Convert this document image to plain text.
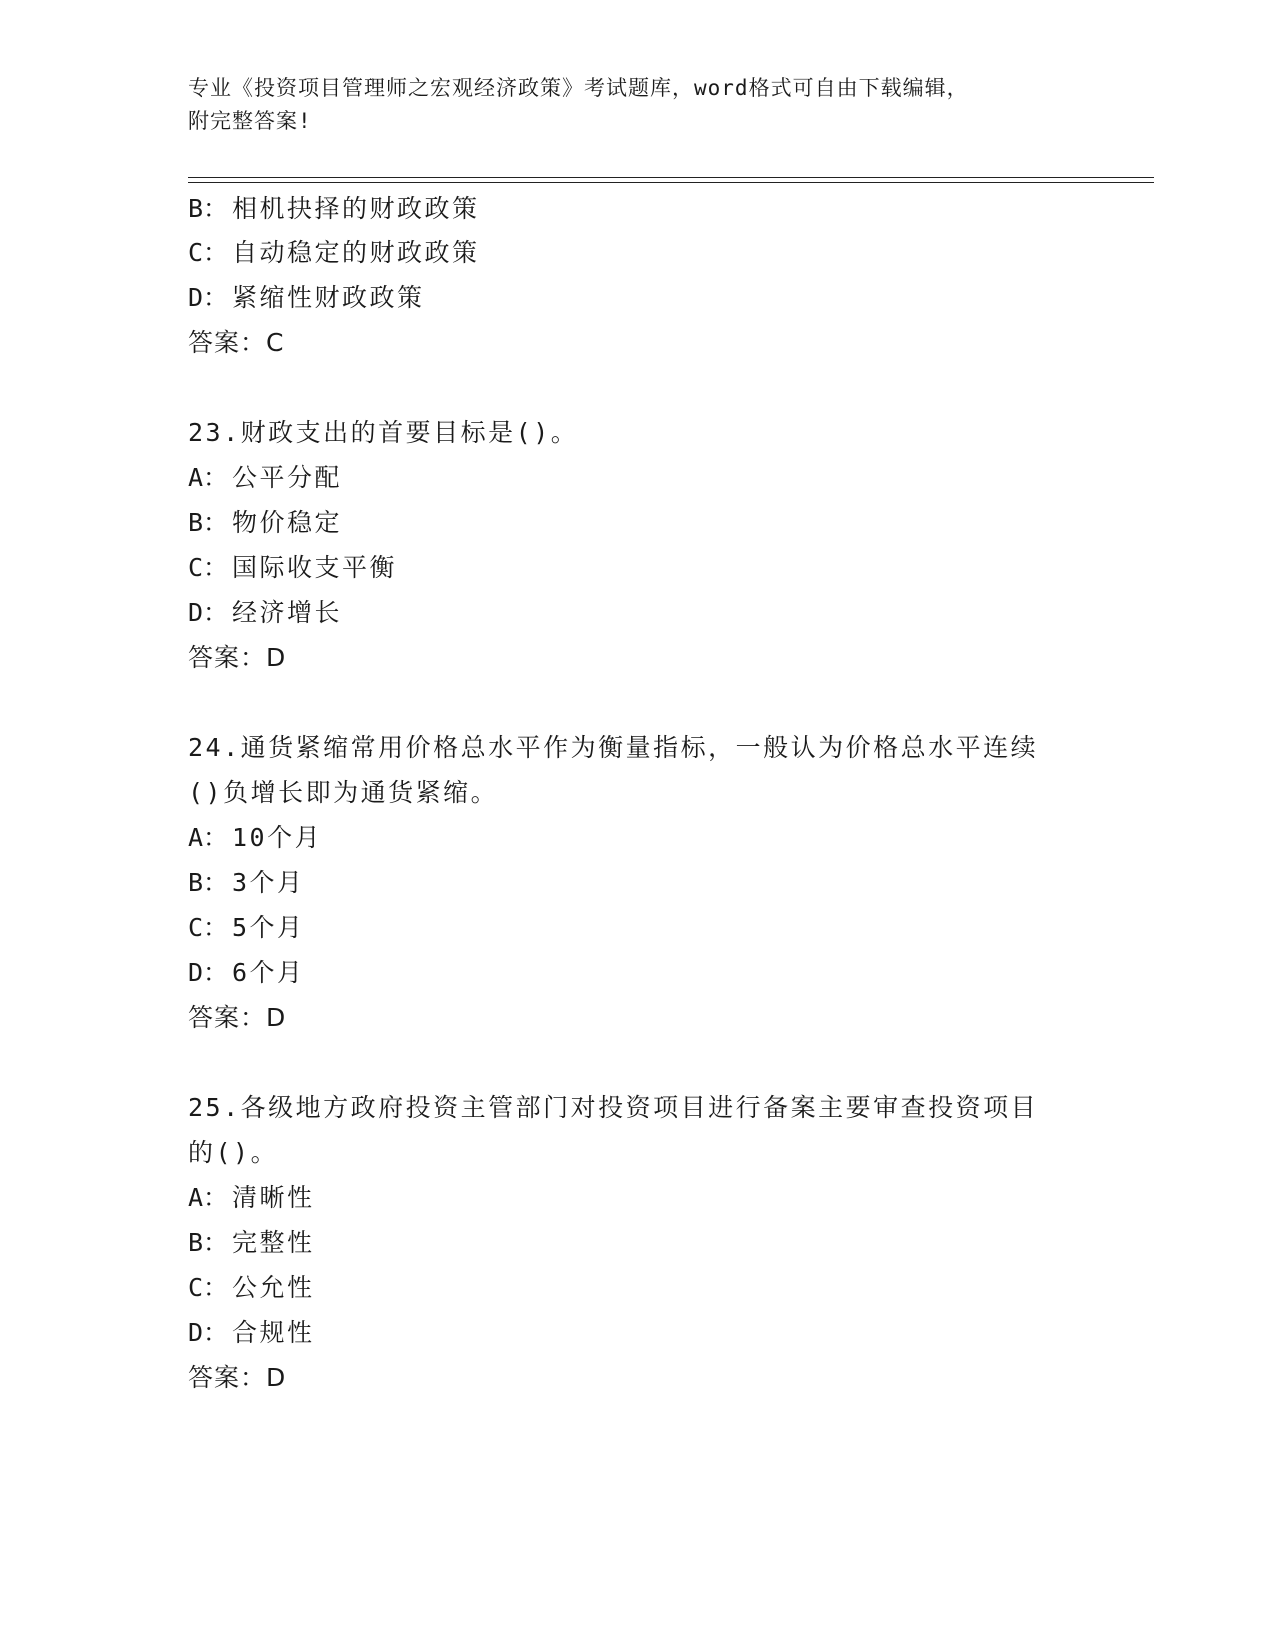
专业《投资项目管理师之宏观经济政策》考试题库，word格式可自由下载编辑，
附完整答案!
B： 相机抉择的财政政策
C： 自动稳定的财政政策
D： 紧缩性财政政策
答案：C
23.财政支出的首要目标是()。
A： 公平分配
B： 物价稳定
C： 国际收支平衡
D： 经济增长
答案：D
24.通货紧缩常用价格总水平作为衡量指标，一般认为价格总水平连续
()负增长即为通货紧缩。
A： 10个月
B： 3个月
C： 5个月
D： 6个月
答案：D
25.各级地方政府投资主管部门对投资项目进行备案主要审查投资项目
的()。
A： 清晰性
B： 完整性
C： 公允性
D： 合规性
答案：D
